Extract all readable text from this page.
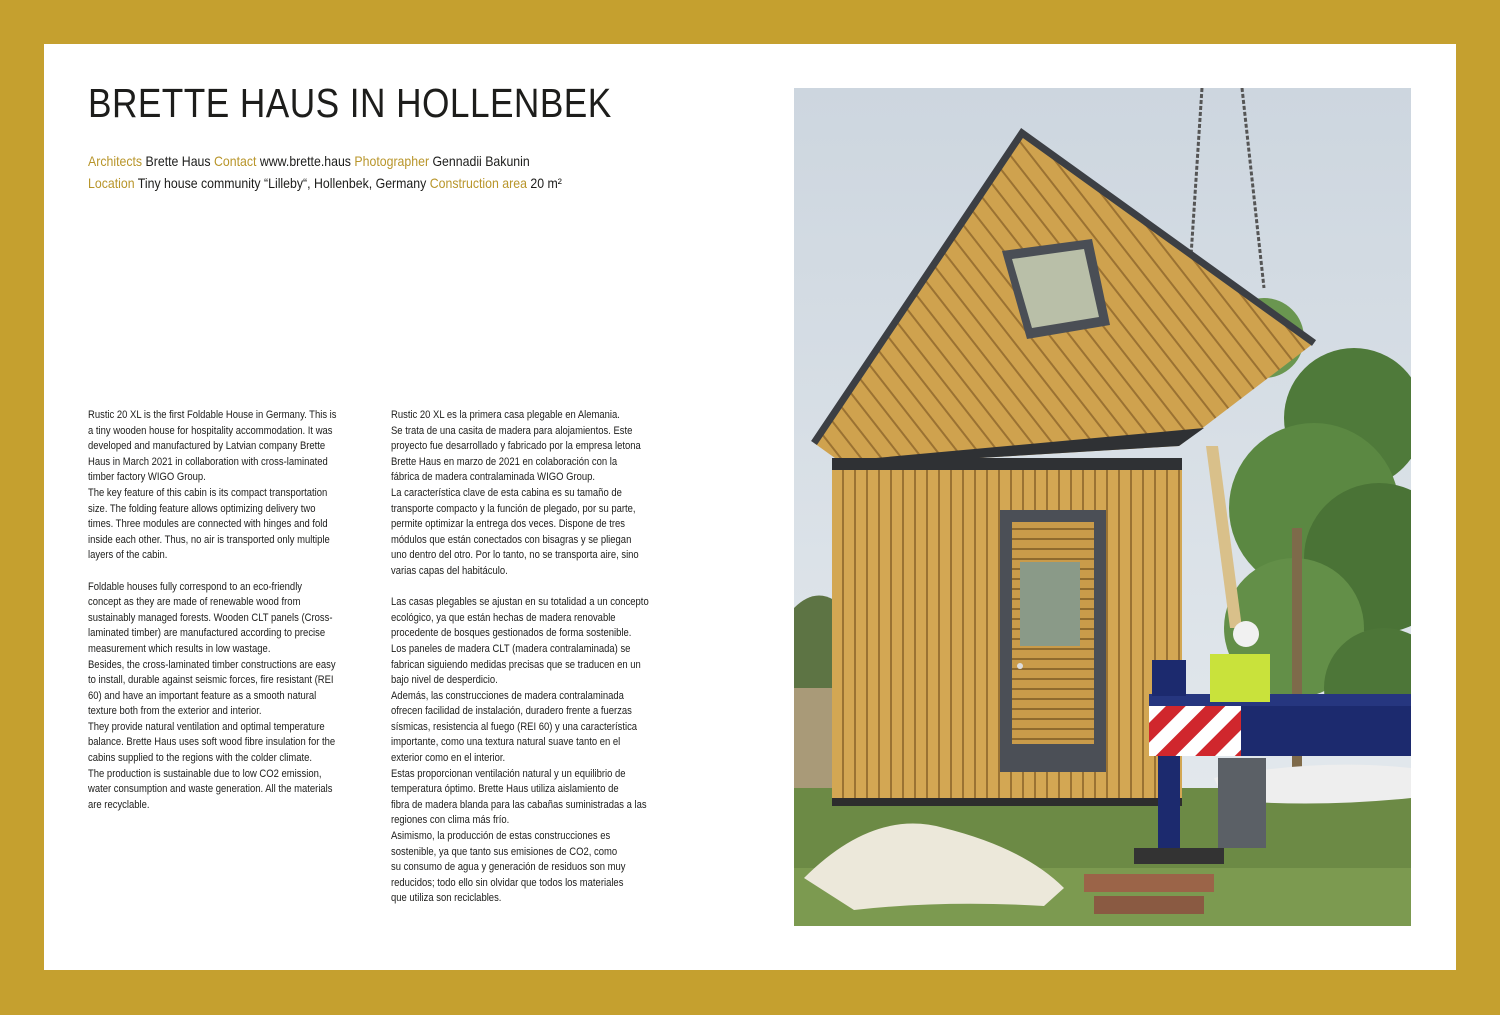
BRETTE HAUS IN HOLLENBEK
Architects Brette Haus Contact www.brette.haus Photographer Gennadii Bakunin
Location Tiny house community “Lilleby“, Hollenbek, Germany Construction area 20 m²

Rustic 20 XL is the first Foldable House in Germany. This is
a tiny wooden house for hospitality accommodation. It was
developed and manufactured by Latvian company Brette
Haus in March 2021 in collaboration with cross-laminated
timber factory WIGO Group.
The key feature of this cabin is its compact transportation
size. The folding feature allows optimizing delivery two
times. Three modules are connected with hinges and fold
inside each other. Thus, no air is transported only multiple
layers of the cabin.

Foldable houses fully correspond to an eco-friendly
concept as they are made of renewable wood from
sustainably managed forests. Wooden CLT panels (Cross-
laminated timber) are manufactured according to precise
measurement which results in low wastage.
Besides, the cross-laminated timber constructions are easy
to install, durable against seismic forces, fire resistant (REI
60) and have an important feature as a smooth natural
texture both from the exterior and interior.
They provide natural ventilation and optimal temperature
balance. Brette Haus uses soft wood fibre insulation for the
cabins supplied to the regions with the colder climate.
The production is sustainable due to low CO2 emission,
water consumption and waste generation. All the materials
are recyclable.

Rustic 20 XL es la primera casa plegable en Alemania.
Se trata de una casita de madera para alojamientos. Este
proyecto fue desarrollado y fabricado por la empresa letona
Brette Haus en marzo de 2021 en colaboración con la
fábrica de madera contralaminada WIGO Group.
La característica clave de esta cabina es su tamaño de
transporte compacto y la función de plegado, por su parte,
permite optimizar la entrega dos veces. Dispone de tres
módulos que están conectados con bisagras y se pliegan
uno dentro del otro. Por lo tanto, no se transporta aire, sino
varias capas del habitáculo.

Las casas plegables se ajustan en su totalidad a un concepto
ecológico, ya que están hechas de madera renovable
procedente de bosques gestionados de forma sostenible.
Los paneles de madera CLT (madera contralaminada) se
fabrican siguiendo medidas precisas que se traducen en un
bajo nivel de desperdicio.
Además, las construcciones de madera contralaminada
ofrecen facilidad de instalación, duradero frente a fuerzas
sísmicas, resistencia al fuego (REI 60) y una característica
importante, como una textura natural suave tanto en el
exterior como en el interior.
Estas proporcionan ventilación natural y un equilibrio de
temperatura óptimo. Brette Haus utiliza aislamiento de
fibra de madera blanda para las cabañas suministradas a las
regiones con clima más frío.
Asimismo, la producción de estas construcciones es
sostenible, ya que tanto sus emisiones de CO2, como
su consumo de agua y generación de residuos son muy
reducidos; todo ello sin olvidar que todos los materiales
que utiliza son reciclables.
